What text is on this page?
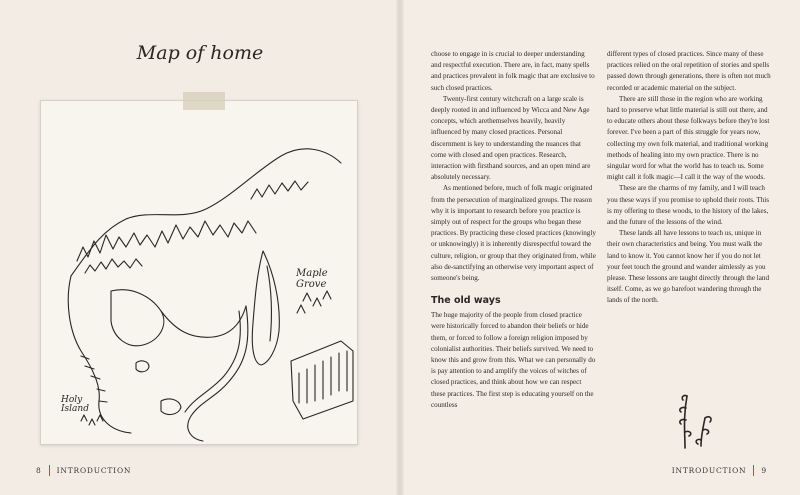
Map of home
Maple
Grove
Holy
Island
8 INTRODUCTION

choose to engage in is crucial to deeper understanding and respectful execution. There are, in fact, many spells and practices prevalent in folk magic that are exclusive to such closed practices.

Twenty-first century witchcraft on a large scale is deeply rooted in and influenced by Wicca and New Age concepts, which arethemselves heavily, heavily influenced by many closed practices. Personal discernment is key to understanding the nuances that come with closed and open practices. Research, interaction with firsthand sources, and an open mind are absolutely necessary.

As mentioned before, much of folk magic originated from the persecution of marginalized groups. The reason why it is important to research before you practice is simply out of respect for the groups who began these practices. By practicing these closed practices (knowingly or unknowingly) it is inherently disrespectful toward the culture, religion, or group that they originated from, while also de-sanctifying an otherwise very important aspect of someone's being.

The old ways

The huge majority of the people from closed practice were historically forced to abandon their beliefs or hide them, or forced to follow a foreign religion imposed by colonialist authorities. Their beliefs survived. We need to know this and grow from this. What we can personally do is pay attention to and amplify the voices of witches of closed practices, and think about how we can respect these practices. The first step is educating yourself on the countless

different types of closed practices. Since many of these practices relied on the oral repetition of stories and spells passed down through generations, there is often not much recorded or academic material on the subject.

There are still those in the region who are working hard to preserve what little material is still out there, and to educate others about these folkways before they're lost forever. I've been a part of this struggle for years now, collecting my own folk material, and traditional working methods of healing into my own practice. There is no singular word for what the world has to teach us. Some might call it folk magic—I call it the way of the woods.

These are the charms of my family, and I will teach you these ways if you promise to uphold their roots. This is my offering to these woods, to the history of the lakes, and the future of the lessons of the wind.

These lands all have lessons to teach us, unique in their own characteristics and being. You must walk the land to know it. You cannot know her if you do not let your feet touch the ground and wander aimlessly as you please. These lessons are taught directly through the land itself. Come, as we go barefoot wandering through the lands of the north.

INTRODUCTION 9
